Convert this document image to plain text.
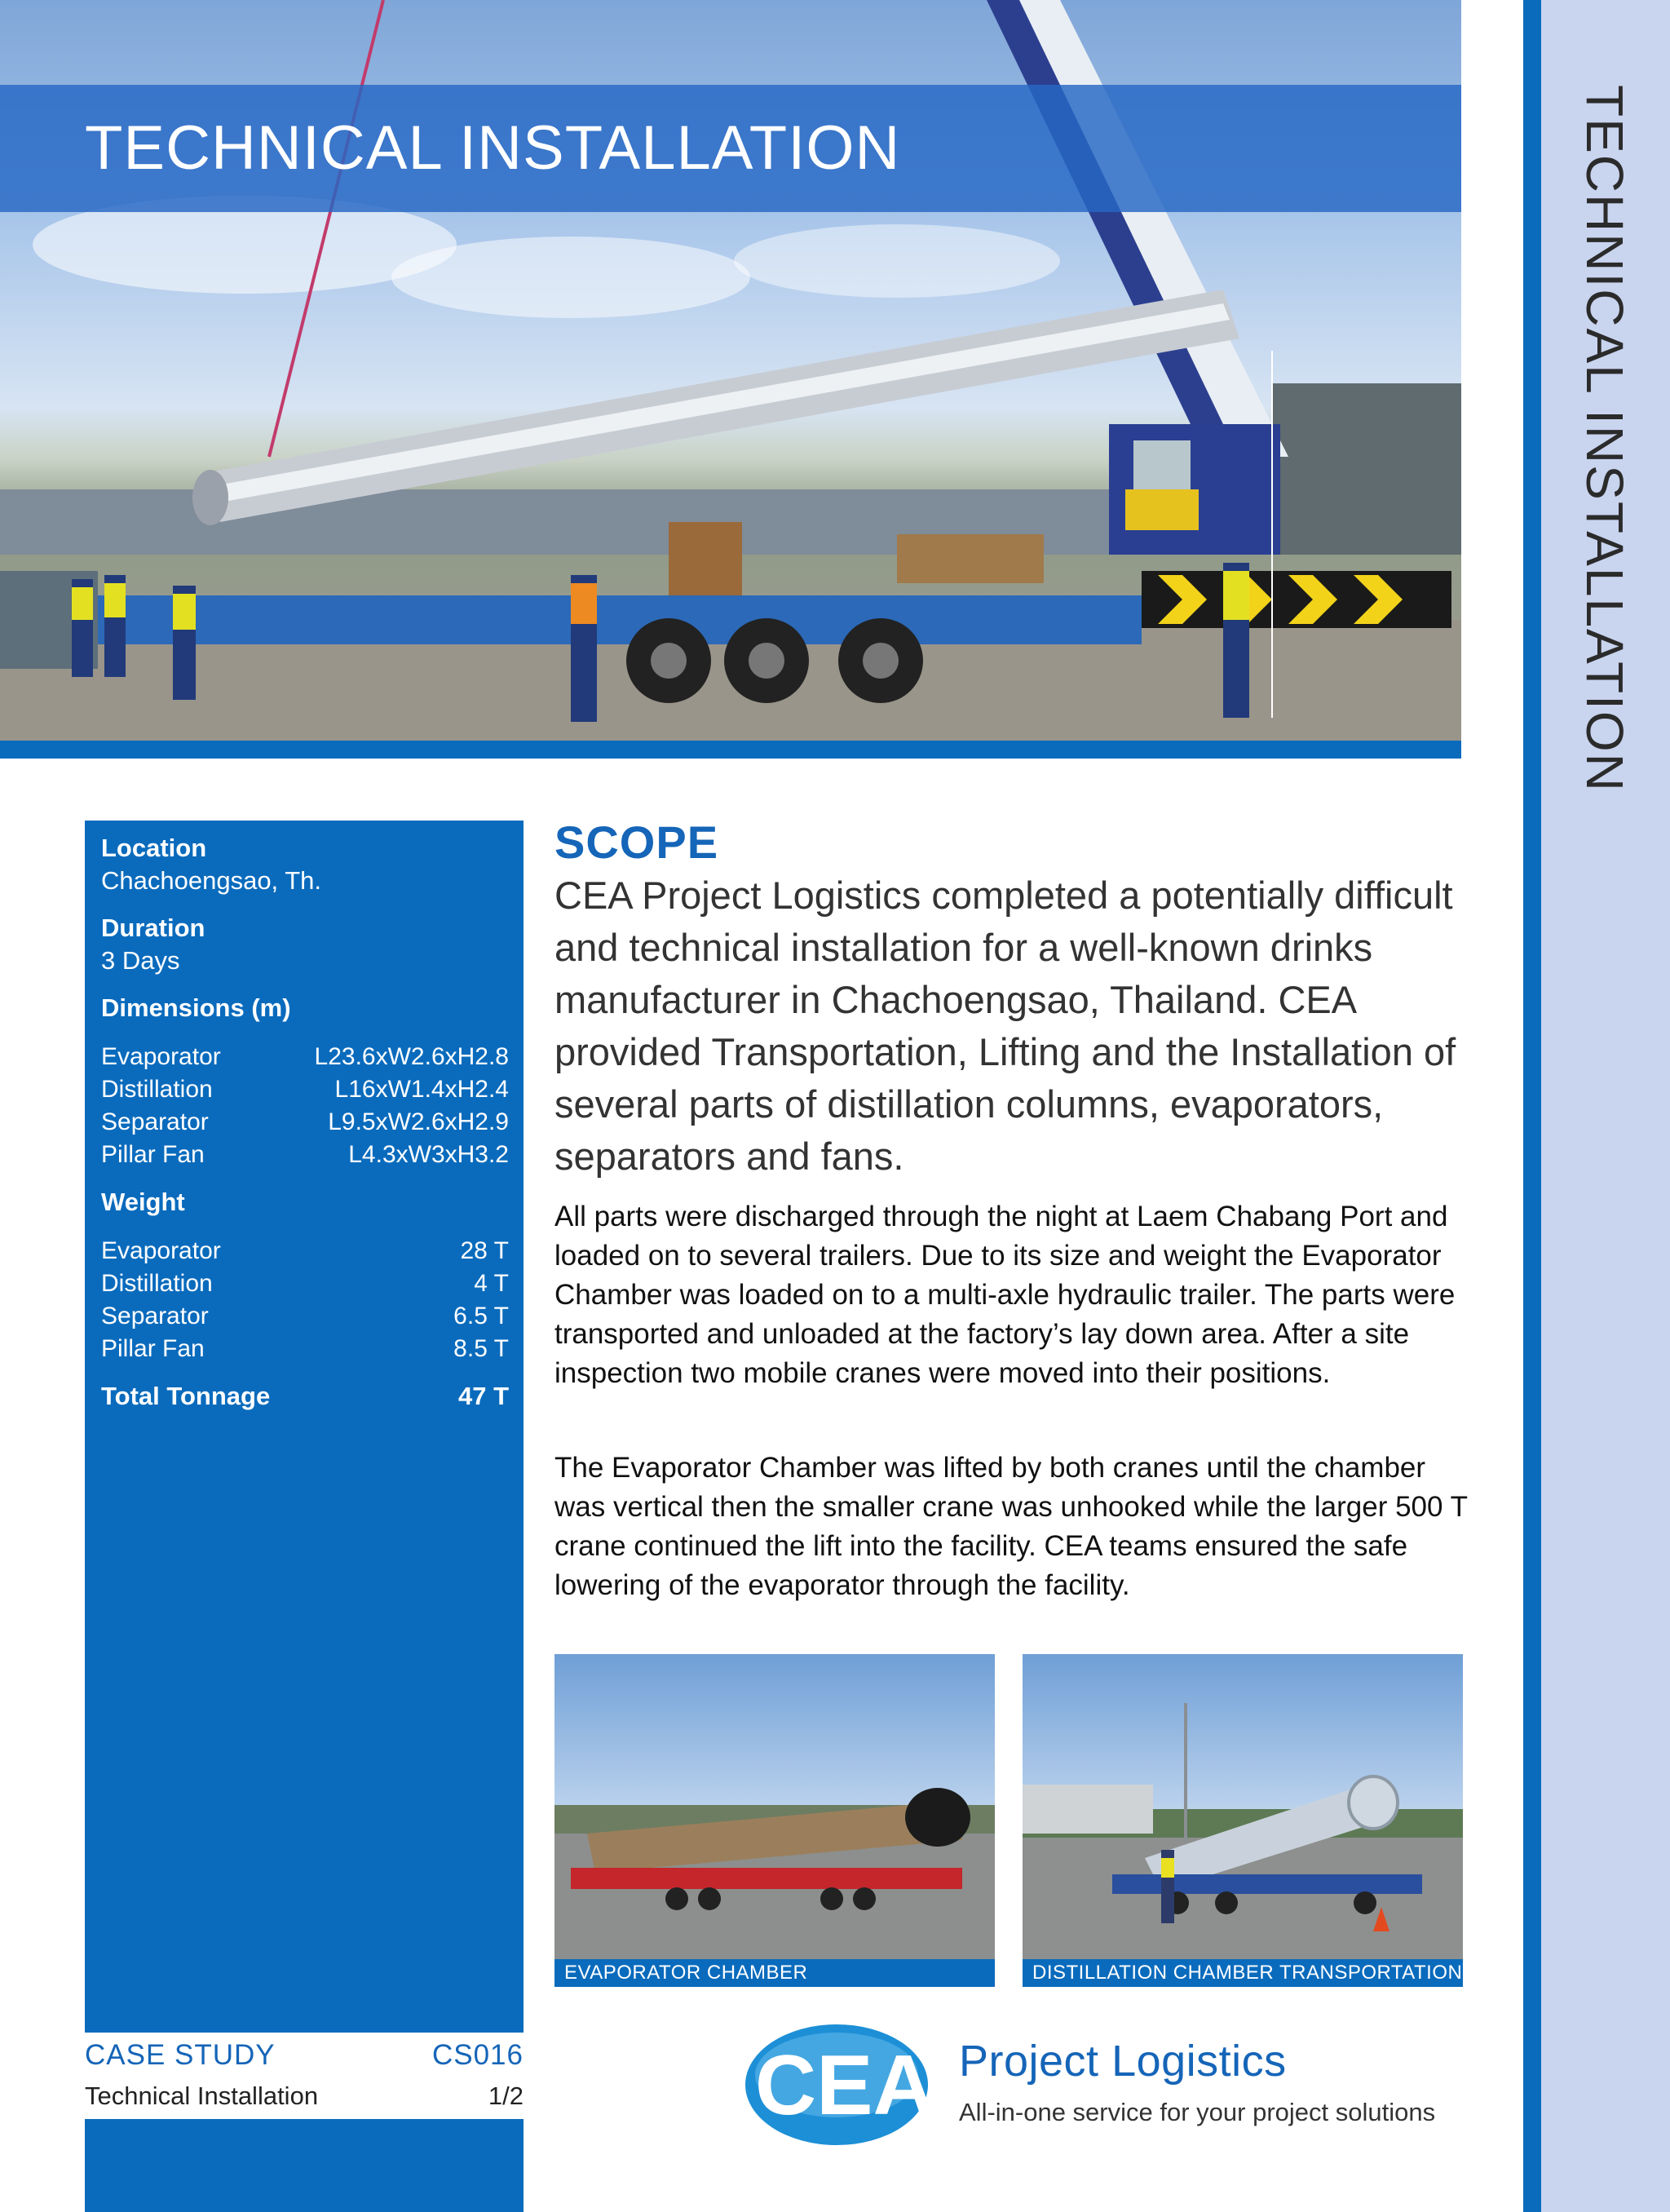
TECHNICAL INSTALLATION	TECHNICAL INSTALLATION
Location
Chachoengsao, Th.
Duration
3 Days
Dimensions (m)
Evaporator	L23.6xW2.6xH2.8
Distillation	L16xW1.4xH2.4
Separator	L9.5xW2.6xH2.9
Pillar Fan	L4.3xW3xH3.2
Weight
Evaporator	28 T
Distillation	4 T
Separator	6.5 T
Pillar Fan	8.5 T
Total Tonnage	47 T
CASE STUDY	CS016
Technical Installation	1/2
SCOPE

CEA Project Logistics completed a potentially difficult and technical installation for a well-known drinks manufacturer in Chachoengsao, Thailand. CEA provided Transportation, Lifting and the Installation of several parts of distillation columns, evaporators, separators and fans.

All parts were discharged through the night at Laem Chabang Port and loaded on to several trailers. Due to its size and weight the Evaporator Chamber was loaded on to a multi-axle hydraulic trailer. The parts were transported and unloaded at the factory’s lay down area. After a site inspection two mobile cranes were moved into their positions.

The Evaporator Chamber was lifted by both cranes until the chamber was vertical then the smaller crane was unhooked while the larger 500 T crane continued the lift into the facility. CEA teams ensured the safe lowering of the evaporator through the facility.

EVAPORATOR CHAMBER TRANSPORTATION
DISTILLATION CHAMBER TRANSPORTATION
CEA Project Logistics
All-in-one service for your project solutions
